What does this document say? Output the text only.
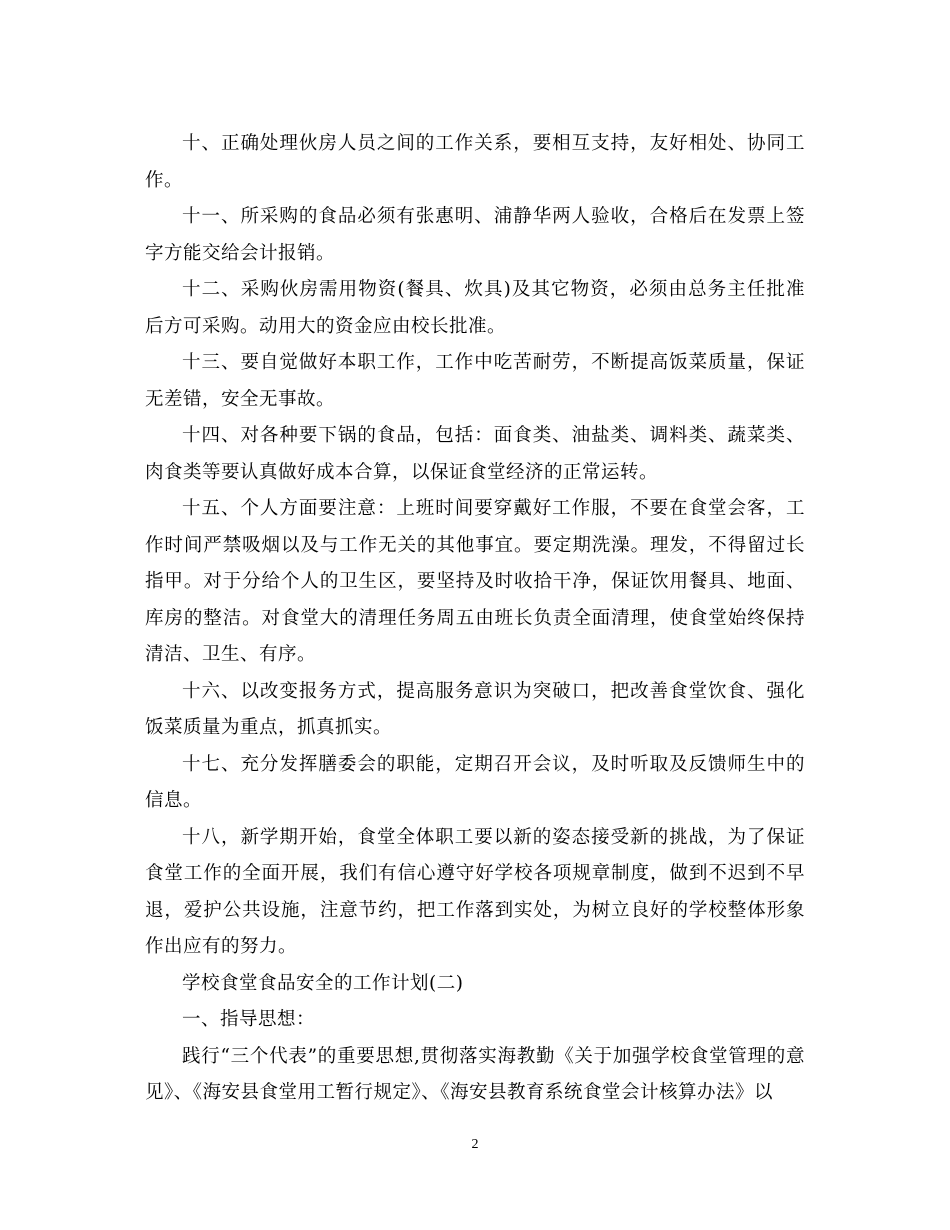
十、正确处理伙房人员之间的工作关系，要相互支持，友好相处、协同工作。

十一、所采购的食品必须有张惠明、浦静华两人验收，合格后在发票上签字方能交给会计报销。

十二、采购伙房需用物资(餐具、炊具)及其它物资，必须由总务主任批准后方可采购。动用大的资金应由校长批准。

十三、要自觉做好本职工作，工作中吃苦耐劳，不断提高饭菜质量，保证无差错，安全无事故。

十四、对各种要下锅的食品，包括：面食类、油盐类、调料类、蔬菜类、肉食类等要认真做好成本合算，以保证食堂经济的正常运转。

十五、个人方面要注意：上班时间要穿戴好工作服，不要在食堂会客，工作时间严禁吸烟以及与工作无关的其他事宜。要定期洗澡。理发，不得留过长指甲。对于分给个人的卫生区，要坚持及时收拾干净，保证饮用餐具、地面、库房的整洁。对食堂大的清理任务周五由班长负责全面清理，使食堂始终保持清洁、卫生、有序。

十六、以改变报务方式，提高服务意识为突破口，把改善食堂饮食、强化饭菜质量为重点，抓真抓实。

十七、充分发挥膳委会的职能，定期召开会议，及时听取及反馈师生中的信息。

十八，新学期开始，食堂全体职工要以新的姿态接受新的挑战，为了保证食堂工作的全面开展，我们有信心遵守好学校各项规章制度，做到不迟到不早退，爱护公共设施，注意节约，把工作落到实处，为树立良好的学校整体形象作出应有的努力。

学校食堂食品安全的工作计划(二)

一、指导思想：

践行“三个代表”的重要思想,贯彻落实海教勤《关于加强学校食堂管理的意见》、《海安县食堂用工暂行规定》、《海安县教育系统食堂会计核算办法》以

2
